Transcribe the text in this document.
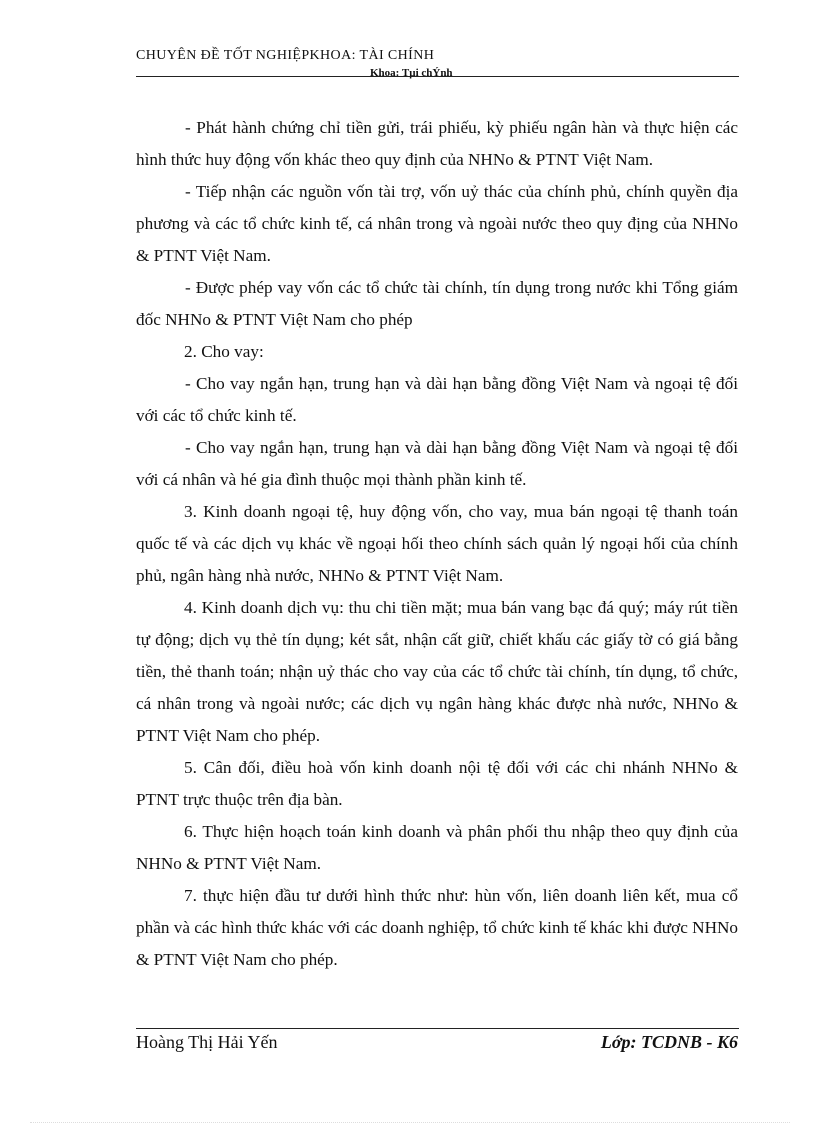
CHUYÊN ĐỀ TỐT NGHIỆPKHOA: TÀI CHÍNH
Khoa: Tµi chÝnh

- Phát hành chứng chỉ tiền gửi, trái phiếu, kỳ phiếu ngân hàn và thực hiện các hình thức huy động vốn khác theo quy định của NHNo & PTNT Việt Nam.

- Tiếp nhận các nguồn vốn tài trợ, vốn uỷ thác của chính phủ, chính quyền địa phương và các tổ chức kinh tế, cá nhân trong và ngoài nước theo quy địng của NHNo & PTNT Việt Nam.

- Được phép vay vốn các tổ chức tài chính, tín dụng trong nước khi Tổng giám đốc NHNo & PTNT Việt Nam cho phép

2. Cho vay:

- Cho vay ngắn hạn, trung hạn và dài hạn bằng đồng Việt Nam và ngoại tệ đối với các tổ chức kinh tế.

- Cho vay ngắn hạn, trung hạn và dài hạn bằng đồng Việt Nam và ngoại tệ đối với cá nhân và hé gia đình thuộc mọi thành phần kinh tế.

3. Kinh doanh ngoại tệ, huy động vốn, cho vay, mua bán ngoại tệ thanh toán quốc tế và các dịch vụ khác về ngoại hối theo chính sách quản lý ngoại hối của chính phủ, ngân hàng nhà nước, NHNo & PTNT Việt Nam.

4. Kinh doanh dịch vụ: thu chi tiền mặt; mua bán vang bạc đá quý; máy rút tiền tự động; dịch vụ thẻ tín dụng; két sắt, nhận cất giữ, chiết khấu các giấy tờ có giá bằng tiền, thẻ thanh toán; nhận uỷ thác cho vay của các tổ chức tài chính, tín dụng, tổ chức, cá nhân trong và ngoài nước; các dịch vụ ngân hàng khác được nhà nước, NHNo & PTNT Việt Nam cho phép.

5. Cân đối, điều hoà vốn kinh doanh nội tệ đối với các chi nhánh NHNo & PTNT trực thuộc trên địa bàn.

6. Thực hiện hoạch toán kinh doanh và phân phối thu nhập theo quy định của NHNo & PTNT Việt Nam.

7. thực hiện đầu tư dưới hình thức như: hùn vốn, liên doanh liên kết, mua cổ phần và các hình thức khác với các doanh nghiệp, tổ chức kinh tế khác khi được NHNo & PTNT Việt Nam cho phép.

Hoàng Thị Hải Yến	Lớp: TCDNB - K6
